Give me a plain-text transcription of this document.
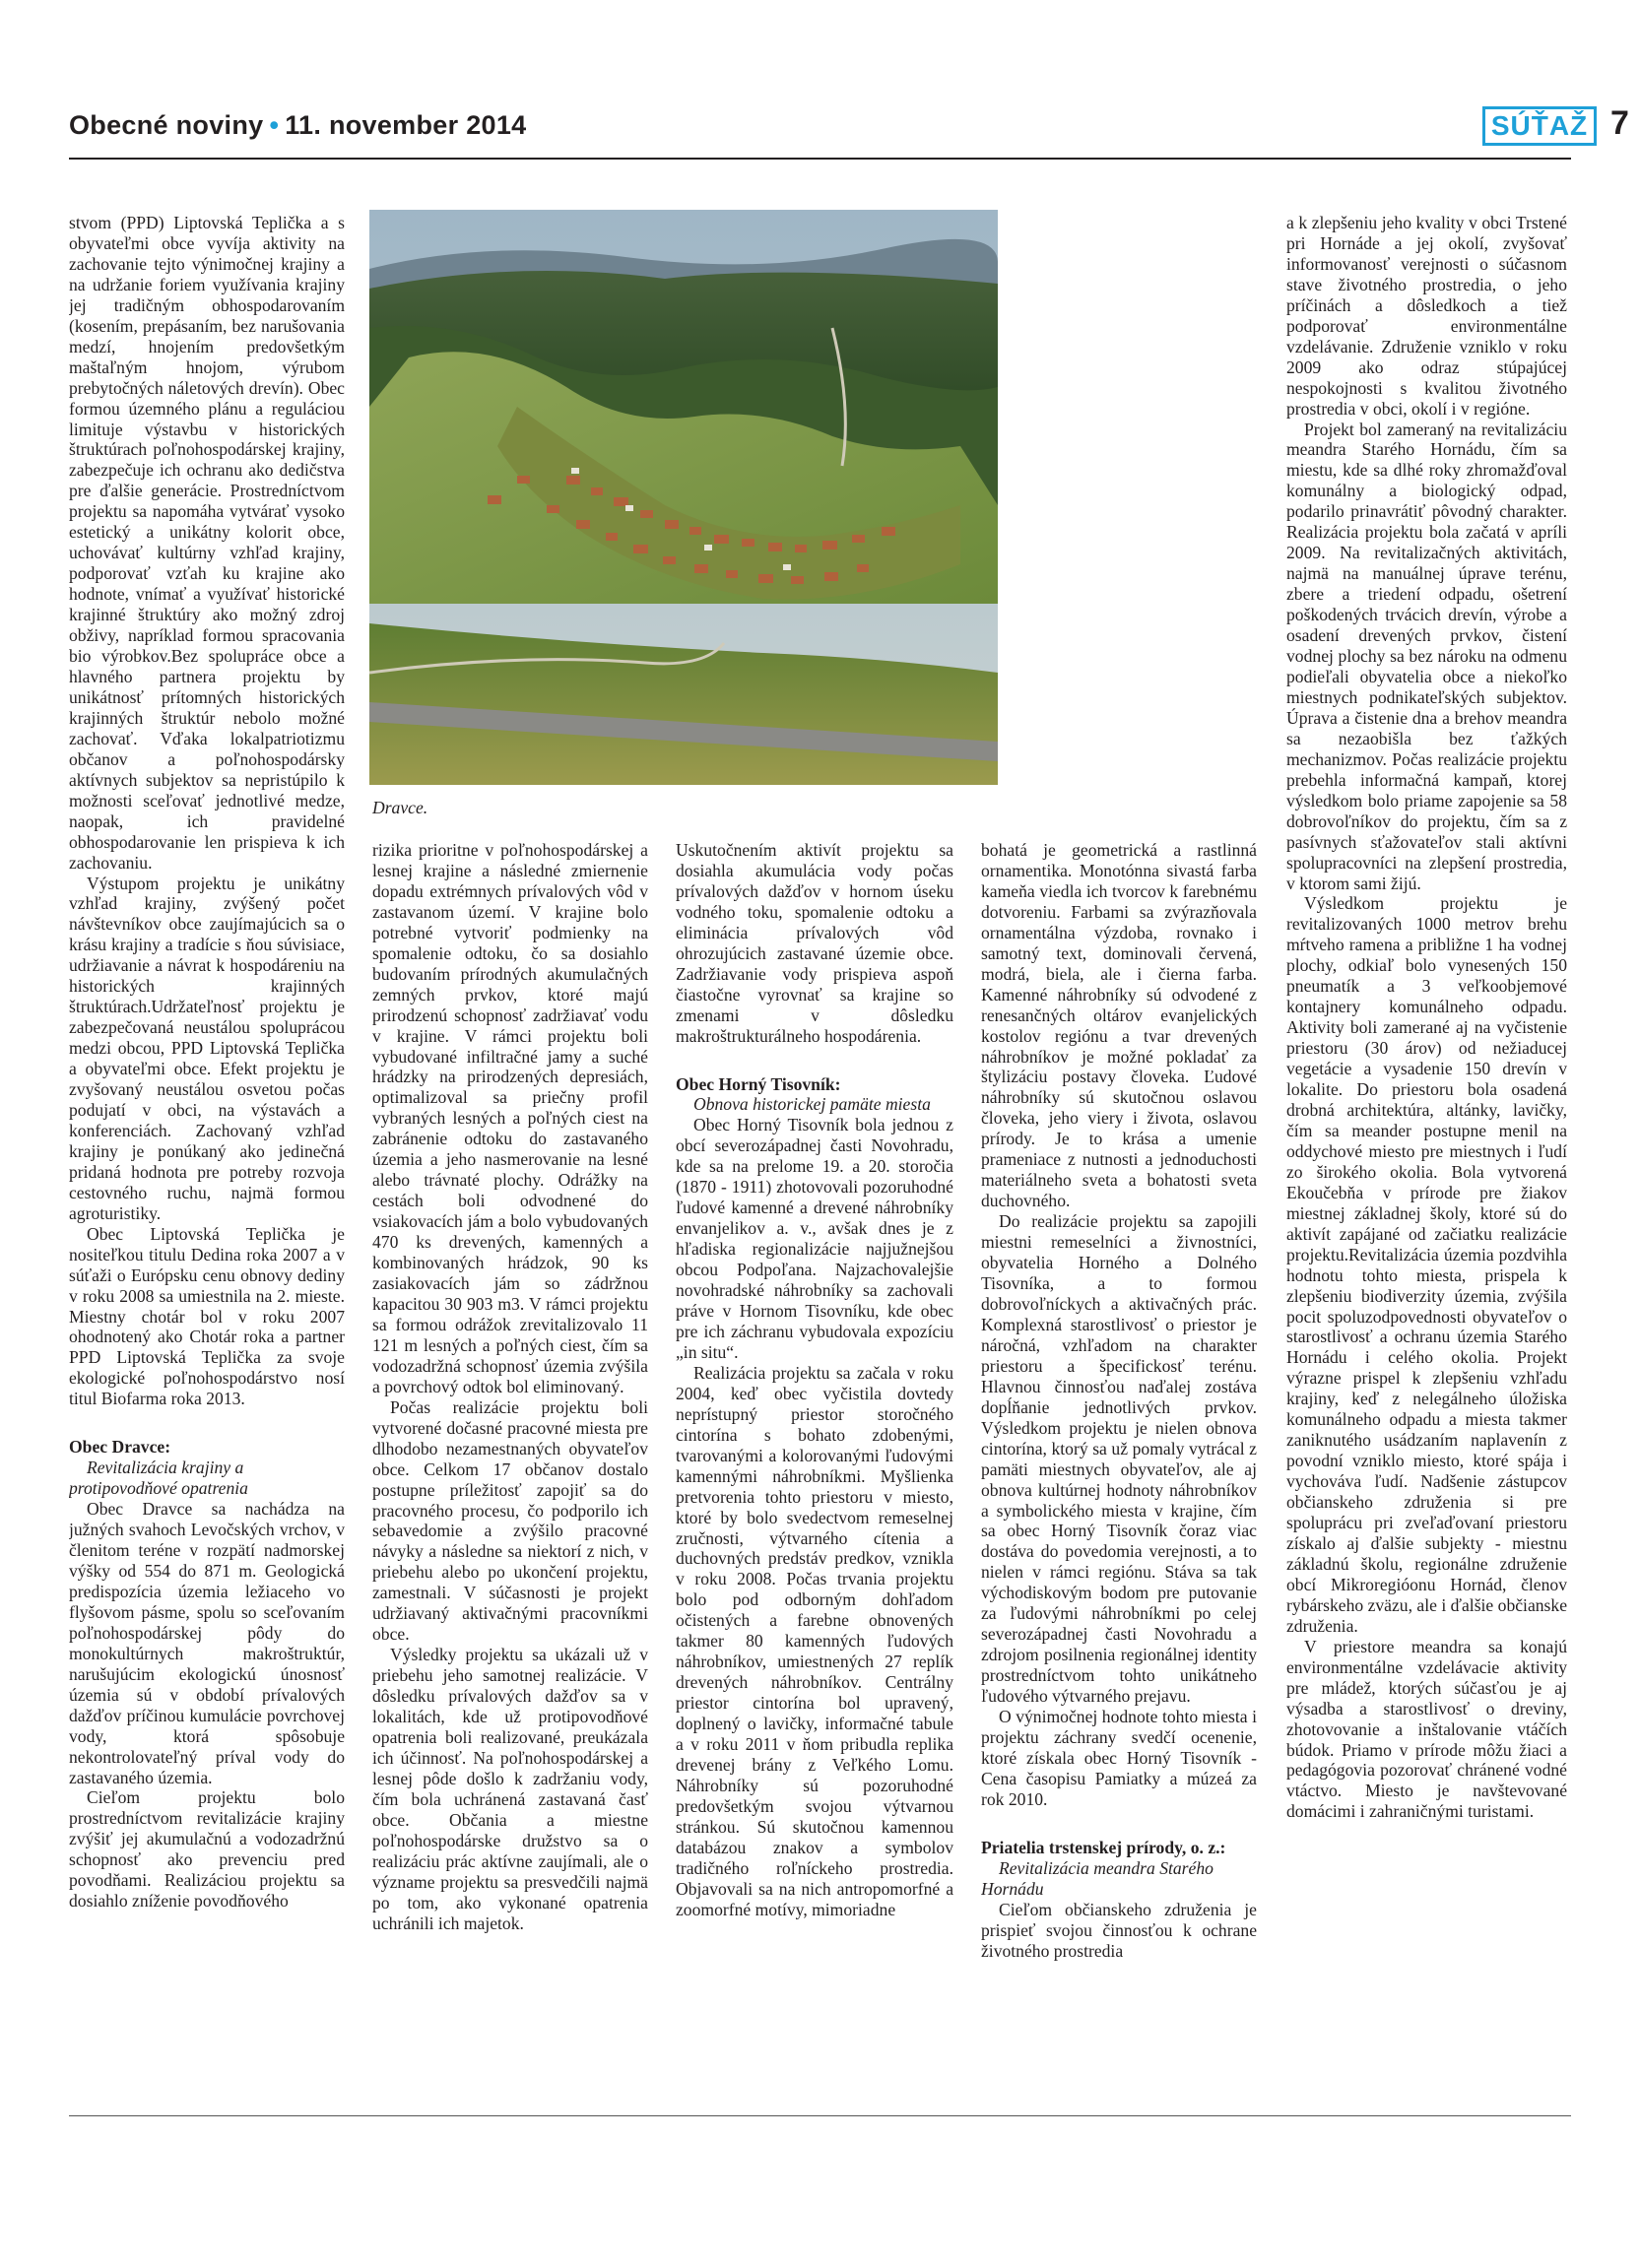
Obecné noviny • 11. november 2014	SÚŤAŽ 7
Dravce.

stvom (PPD) Liptovská Teplička a s obyvateľmi obce vyvíja aktivity na zachovanie tejto výnimočnej krajiny a na udržanie foriem využívania krajiny jej tradičným obhospodarovaním (kosením, prepásaním, bez narušovania medzí, hnojením predovšetkým maštaľným hnojom, výrubom prebytočných náletových drevín). Obec formou územného plánu a reguláciou limituje výstavbu v historických štruktúrach poľnohospodárskej krajiny, zabezpečuje ich ochranu ako dedičstva pre ďalšie generácie. Prostredníctvom projektu sa napomáha vytvárať vysoko estetický a unikátny kolorit obce, uchovávať kultúrny vzhľad krajiny, podporovať vzťah ku krajine ako hodnote, vnímať a využívať historické krajinné štruktúry ako možný zdroj obživy, napríklad formou spracovania bio výrobkov.Bez spolupráce obce a hlavného partnera projektu by unikátnosť prítomných historických krajinných štruktúr nebolo možné zachovať. Vďaka lokalpatriotizmu občanov a poľnohospodársky aktívnych subjektov sa nepristúpilo k možnosti sceľovať jednotlivé medze, naopak, ich pravidelné obhospodarovanie len prispieva k ich zachovaniu.

Výstupom projektu je unikátny vzhľad krajiny, zvýšený počet návštevníkov obce zaujímajúcich sa o krásu krajiny a tradície s ňou súvisiace, udržiavanie a návrat k hospodáreniu na historických krajinných štruktúrach.Udržateľnosť projektu je zabezpečovaná neustálou spoluprácou medzi obcou, PPD Liptovská Teplička a obyvateľmi obce. Efekt projektu je zvyšovaný neustálou osvetou počas podujatí v obci, na výstavách a konferenciách. Zachovaný vzhľad krajiny je ponúkaný ako jedinečná pridaná hodnota pre potreby rozvoja cestovného ruchu, najmä formou agroturistiky.

Obec Liptovská Teplička je nositeľkou titulu Dedina roka 2007 a v súťaži o Európsku cenu obnovy dediny v roku 2008 sa umiestnila na 2. mieste. Miestny chotár bol v roku 2007 ohodnotený ako Chotár roka a partner PPD Liptovská Teplička za svoje ekologické poľnohospodárstvo nosí titul Biofarma roka 2013.

Obec Dravce:

Revitalizácia krajiny a protipovodňové opatrenia

Obec Dravce sa nachádza na južných svahoch Levočských vrchov, v členitom teréne v rozpätí nadmorskej výšky od 554 do 871 m. Geologická predispozícia územia ležiaceho vo flyšovom pásme, spolu so sceľovaním poľnohospodárskej pôdy do monokultúrnych makroštruktúr, narušujúcim ekologickú únosnosť územia sú v období prívalových dažďov príčinou kumulácie povrchovej vody, ktorá spôsobuje nekontrolovateľný príval vody do zastavaného územia.

Cieľom projektu bolo prostredníctvom revitalizácie krajiny zvýšiť jej akumulačnú a vodozadržnú schopnosť ako prevenciu pred povodňami. Realizáciou projektu sa dosiahlo zníženie povodňového

rizika prioritne v poľnohospodárskej a lesnej krajine a následné zmiernenie dopadu extrémnych prívalových vôd v zastavanom území. V krajine bolo potrebné vytvoriť podmienky na spomalenie odtoku, čo sa dosiahlo budovaním prírodných akumulačných zemných prvkov, ktoré majú prirodzenú schopnosť zadržiavať vodu v krajine. V rámci projektu boli vybudované infiltračné jamy a suché hrádzky na prirodzených depresiách, optimalizoval sa priečny profil vybraných lesných a poľných ciest na zabránenie odtoku do zastavaného územia a jeho nasmerovanie na lesné alebo trávnaté plochy. Odrážky na cestách boli odvodnené do vsiakovacích jám a bolo vybudovaných 470 ks drevených, kamenných a kombinovaných hrádzok, 90 ks zasiakovacích jám so zádržnou kapacitou 30 903 m3. V rámci projektu sa formou odrážok zrevitalizovalo 11 121 m lesných a poľných ciest, čím sa vodozadržná schopnosť územia zvýšila a povrchový odtok bol eliminovaný.

Počas realizácie projektu boli vytvorené dočasné pracovné miesta pre dlhodobo nezamestnaných obyvateľov obce. Celkom 17 občanov dostalo postupne príležitosť zapojiť sa do pracovného procesu, čo podporilo ich sebavedomie a zvýšilo pracovné návyky a následne sa niektorí z nich, v priebehu alebo po ukončení projektu, zamestnali. V súčasnosti je projekt udržiavaný aktivačnými pracovníkmi obce.

Výsledky projektu sa ukázali už v priebehu jeho samotnej realizácie. V dôsledku prívalových dažďov sa v lokalitách, kde už protipovodňové opatrenia boli realizované, preukázala ich účinnosť. Na poľnohospodárskej a lesnej pôde došlo k zadržaniu vody, čím bola uchránená zastavaná časť obce. Občania a miestne poľnohospodárske družstvo sa o realizáciu prác aktívne zaujímali, ale o významе projektu sa presvedčili najmä po tom, ako vykonané opatrenia uchránili ich majetok.

Uskutočnením aktivít projektu sa dosiahla akumulácia vody počas prívalových dažďov v hornom úseku vodného toku, spomalenie odtoku a eliminácia prívalových vôd ohrozujúcich zastavané územie obce. Zadržiavanie vody prispieva aspoň čiastočne vyrovnať sa krajine so zmenami v dôsledku makroštrukturálneho hospodárenia.

Obec Horný Tisovník:

Obnova historickej pamäte miesta

Obec Horný Tisovník bola jednou z obcí severozápadnej časti Novohradu, kde sa na prelome 19. a 20. storočia (1870 - 1911) zhotovovali pozoruhodné ľudové kamenné a drevené náhrobníky envanjelikov a. v., avšak dnes je z hľadiska regionalizácie najjužnejšou obcou Podpoľana. Najzachovalejšie novohradské náhrobníky sa zachovali práve v Hornom Tisovníku, kde obec pre ich záchranu vybudovala expozíciu „in situ“.

Realizácia projektu sa začala v roku 2004, keď obec vyčistila dovtedy neprístupný priestor storočného cintorína s bohato zdobenými, tvarovanými a kolorovanými ľudovými kamennými náhrobníkmi. Myšlienka pretvorenia tohto priestoru v miesto, ktoré by bolo svedectvom remeselnej zručnosti, výtvarného cítenia a duchovných predstáv predkov, vznikla v roku 2008. Počas trvania projektu bolo pod odborným dohľadom očistených a farebne obnovených takmer 80 kamenných ľudových náhrobníkov, umiestnených 27 replík drevených náhrobníkov. Centrálny priestor cintorína bol upravený, doplnený o lavičky, informačné tabule a v roku 2011 v ňom pribudla replika drevenej brány z Veľkého Lomu. Náhrobníky sú pozoruhodné predovšetkým svojou výtvarnou stránkou. Sú skutočnou kamennou databázou znakov a symbolov tradičného roľníckeho prostredia. Objavovali sa na nich antropomorfné a zoomorfné motívy, mimoriadne

bohatá je geometrická a rastlinná ornamentika. Monotónna sivastá farba kameňa viedla ich tvorcov k farebnému dotvoreniu. Farbami sa zvýrazňovala ornamentálna výzdoba, rovnako i samotný text, dominovali červená, modrá, biela, ale i čierna farba. Kamenné náhrobníky sú odvodené z renesančných oltárov evanjelických kostolov regiónu a tvar drevených náhrobníkov je možné pokladať za štylizáciu postavy človeka. Ľudové náhrobníky sú skutočnou oslavou človeka, jeho viery i života, oslavou prírody. Je to krása a umenie prameniace z nutnosti a jednoduchosti materiálneho sveta a bohatosti sveta duchovného.

Do realizácie projektu sa zapojili miestni remeselníci a živnostníci, obyvatelia Horného a Dolného Tisovníka, a to formou dobrovoľníckych a aktivačných prác. Komplexná starostlivosť o priestor je náročná, vzhľadom na charakter priestoru a špecifickosť terénu. Hlavnou činnosťou naďalej zostáva dopĺňanie jednotlivých prvkov. Výsledkom projektu je nielen obnova cintorína, ktorý sa už pomaly vytrácal z pamäti miestnych obyvateľov, ale aj obnova kultúrnej hodnoty náhrobníkov a symbolického miesta v krajine, čím sa obec Horný Tisovník čoraz viac dostáva do povedomia verejnosti, a to nielen v rámci regiónu. Stáva sa tak východiskovým bodom pre putovanie za ľudovými náhrobníkmi po celej severozápadnej časti Novohradu a zdrojom posilnenia regionálnej identity prostredníctvom tohto unikátneho ľudového výtvarného prejavu.

O výnimočnej hodnote tohto miesta i projektu záchrany svedčí ocenenie, ktoré získala obec Horný Tisovník - Cena časopisu Pamiatky a múzeá za rok 2010.

Priatelia trstenskej prírody, o. z.:

Revitalizácia meandra Starého Hornádu

Cieľom občianskeho združenia je prispieť svojou činnosťou k ochrane životného prostredia

a k zlepšeniu jeho kvality v obci Trstené pri Hornáde a jej okolí, zvyšovať informovanosť verejnosti o súčasnom stave životného prostredia, o jeho príčinách a dôsledkoch a tiež podporovať environmentálne vzdelávanie. Združenie vzniklo v roku 2009 ako odraz stúpajúcej nespokojnosti s kvalitou životného prostredia v obci, okolí i v regióne.

Projekt bol zameraný na revitalizáciu meandra Starého Hornádu, čím sa miestu, kde sa dlhé roky zhromažďoval komunálny a biologický odpad, podarilo prinavrátiť pôvodný charakter. Realizácia projektu bola začatá v apríli 2009. Na revitalizačných aktivitách, najmä na manuálnej úprave terénu, zbere a triedení odpadu, ošetrení poškodených trvácich drevín, výrobe a osadení drevených prvkov, čistení vodnej plochy sa bez nároku na odmenu podieľali obyvatelia obce a niekoľko miestnych podnikateľských subjektov. Úprava a čistenie dna a brehov meandra sa nezaobišla bez ťažkých mechanizmov. Počas realizácie projektu prebehla informačná kampaň, ktorej výsledkom bolo priame zapojenie sa 58 dobrovoľníkov do projektu, čím sa z pasívnych sťažovateľov stali aktívni spolupracovníci na zlepšení prostredia, v ktorom sami žijú.

Výsledkom projektu je revitalizovaných 1000 metrov brehu mŕtveho ramena a približne 1 ha vodnej plochy, odkiaľ bolo vynesených 150 pneumatík a 3 veľkoobjemové kontajnery komunálneho odpadu. Aktivity boli zamerané aj na vyčistenie priestoru (30 árov) od nežiaducej vegetácie a vysadenie 150 drevín v lokalite. Do priestoru bola osadená drobná architektúra, altánky, lavičky, čím sa meander postupne menil na oddychové miesto pre miestnych i ľudí zo širokého okolia. Bola vytvorená Ekoučebňa v prírode pre žiakov miestnej základnej školy, ktoré sú do aktivít zapájané od začiatku realizácie projektu.Revitalizácia územia pozdvihla hodnotu tohto miesta, prispela k zlepšeniu biodiverzity územia, zvýšila pocit spoluzodpovednosti obyvateľov o starostlivosť a ochranu územia Starého Hornádu i celého okolia. Projekt výrazne prispel k zlepšeniu vzhľadu krajiny, keď z nelegálneho úložiska komunálneho odpadu a miesta takmer zaniknutého usádzaním naplavenín z povodní vzniklo miesto, ktoré spája i vychováva ľudí. Nadšenie zástupcov občianskeho združenia si pre spoluprácu pri zveľaďovaní priestoru získalo aj ďalšie subjekty - miestnu základnú školu, regionálne združenie obcí Mikroregióonu Hornád, členov rybárskeho zväzu, ale i ďalšie občianske združenia.

V priestore meandra sa konajú environmentálne vzdelávacie aktivity pre mládež, ktorých súčasťou je aj výsadba a starostlivosť o dreviny, zhotovovanie a inštalovanie vtáčích búdok. Priamo v prírode môžu žiaci a pedagógovia pozorovať chránené vodné vtáctvo. Miesto je navštevované domácimi i zahraničnými turistami.
